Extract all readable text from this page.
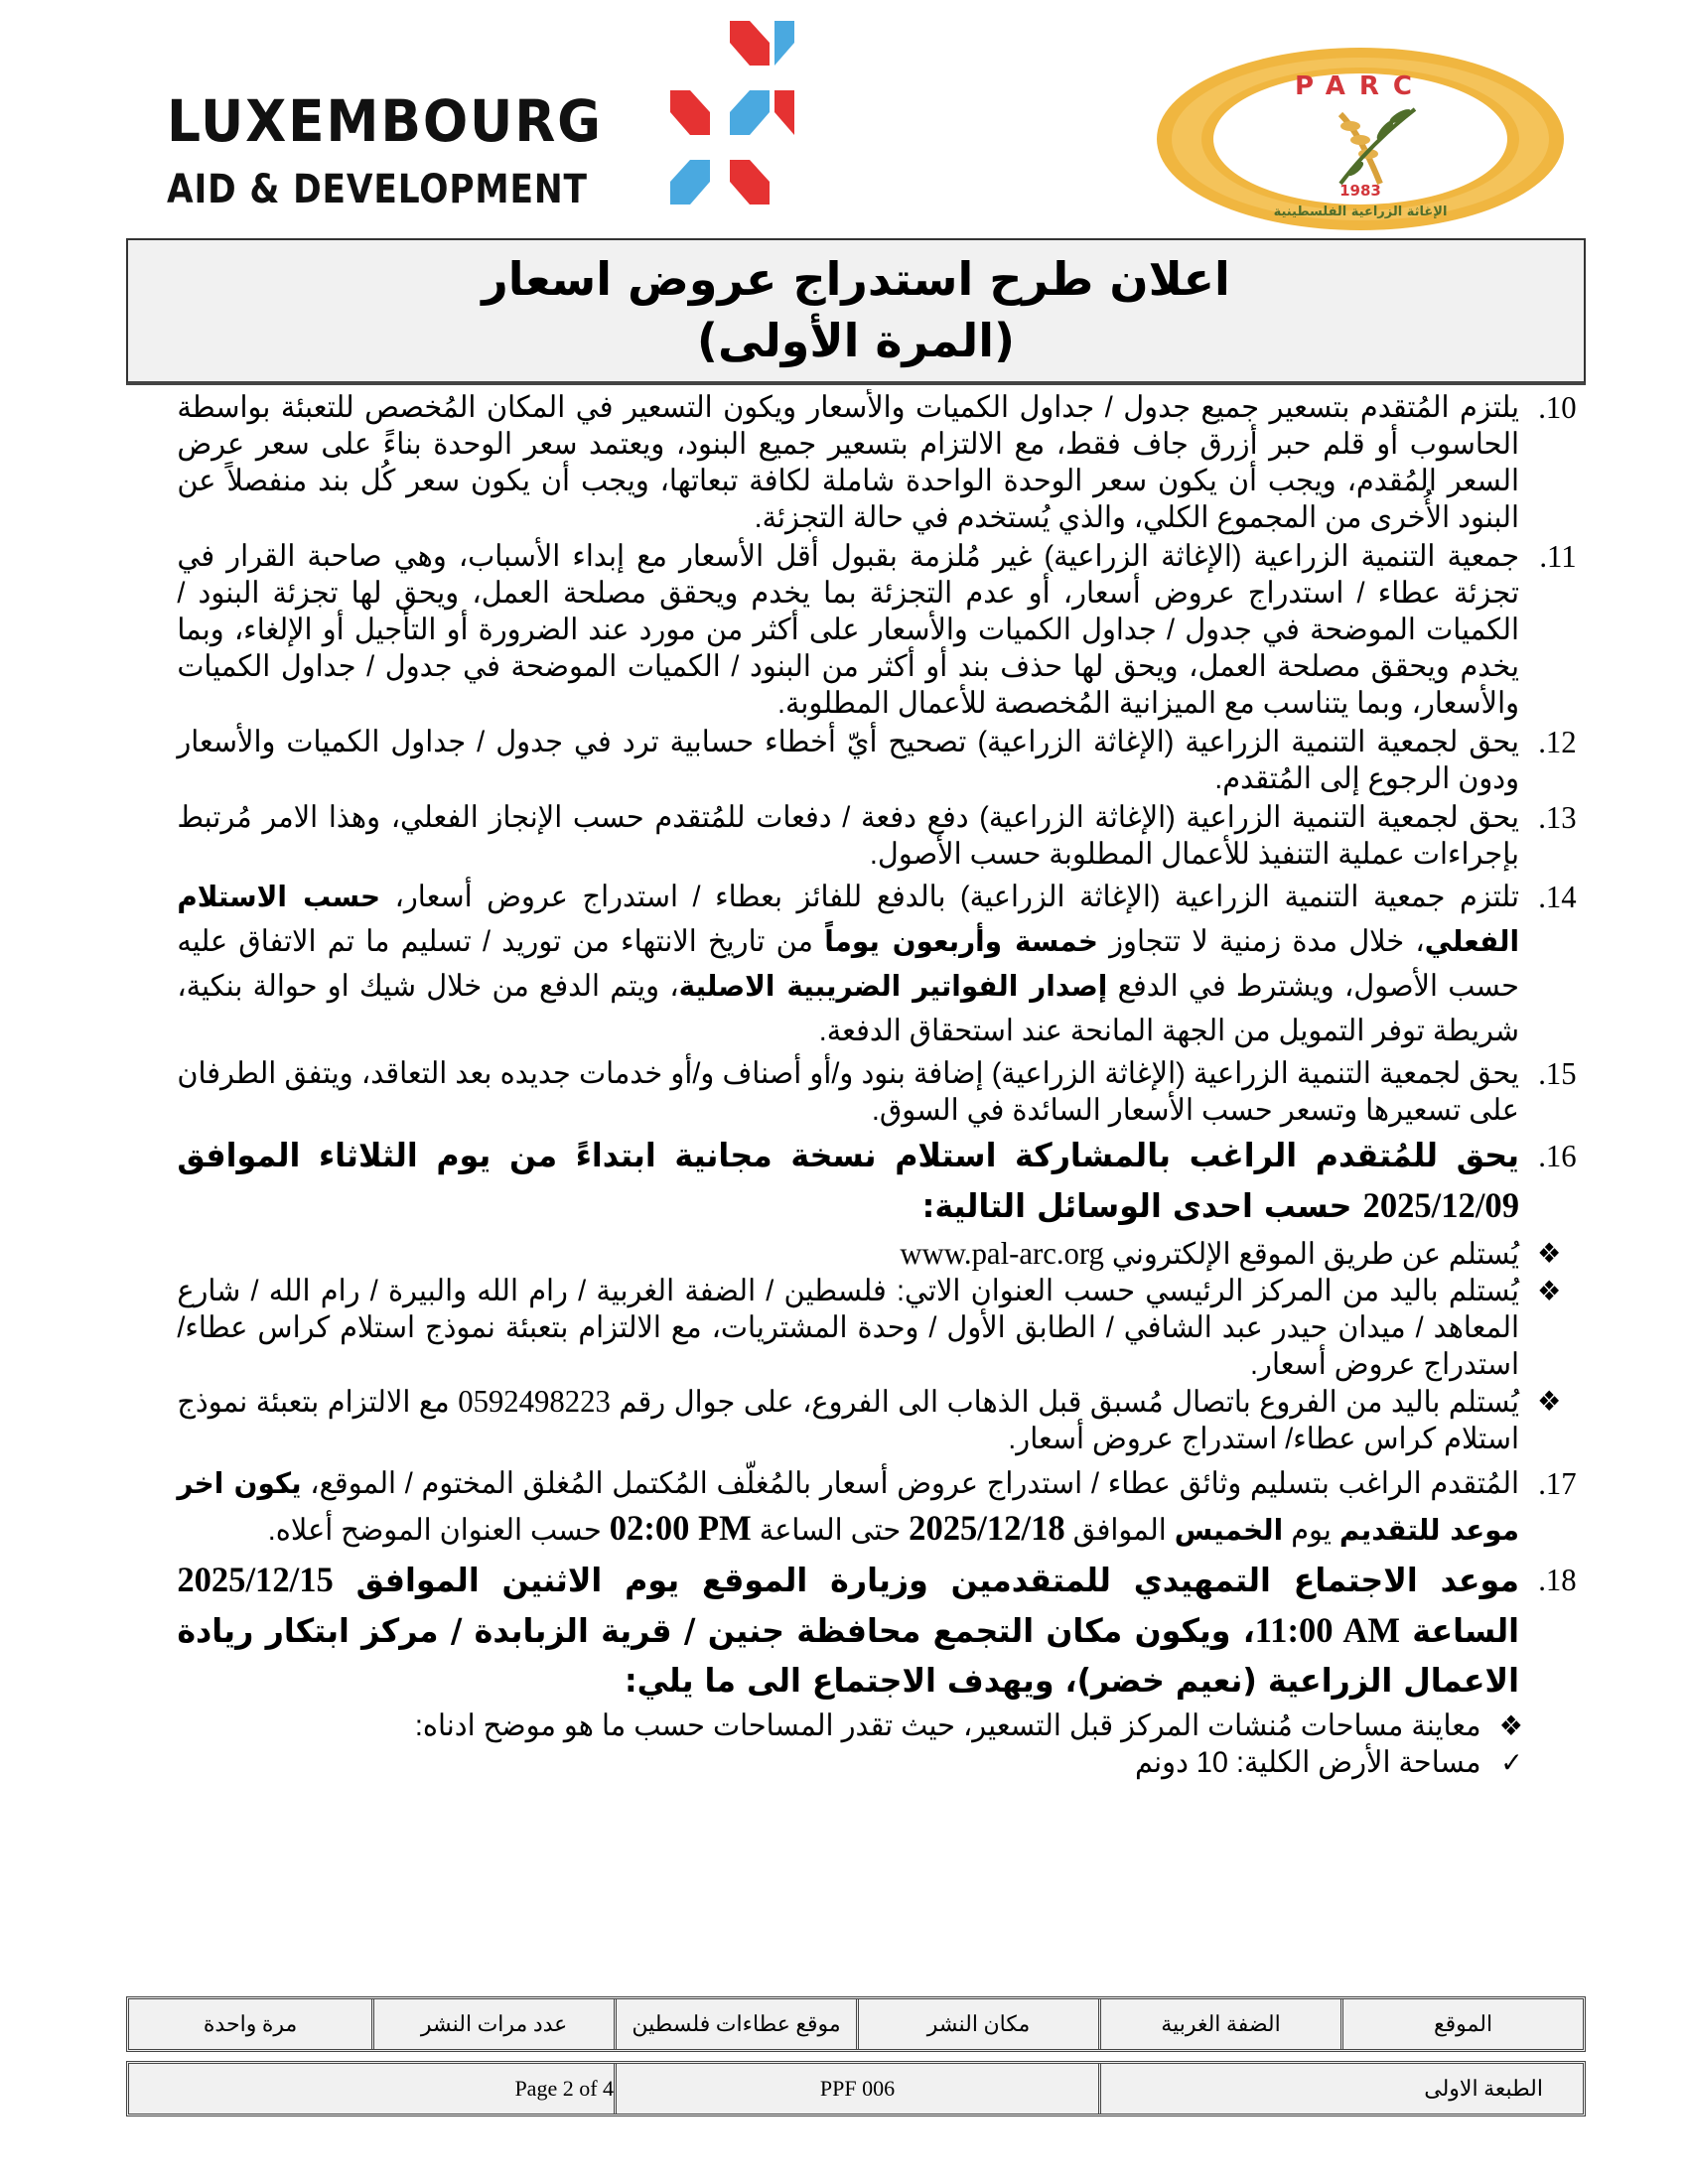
LUXEMBOURG
AID & DEVELOPMENT
PARC
1983
الإغاثة الزراعية الفلسطينية
اعلان طرح استدراج عروض اسعار
(المرة الأولى)
.10

يلتزم المُتقدم بتسعير جميع جدول / جداول الكميات والأسعار ويكون التسعير في المكان المُخصص للتعبئة بواسطة الحاسوب أو قلم حبر أزرق جاف فقط، مع الالتزام بتسعير جميع البنود، ويعتمد سعر الوحدة بناءً على سعر عرض السعر المُقدم، ويجب أن يكون سعر الوحدة الواحدة شاملة لكافة تبعاتها، ويجب أن يكون سعر كُل بند منفصلاً عن البنود الأُخرى من المجموع الكلي، والذي يُستخدم في حالة التجزئة.

.11

جمعية التنمية الزراعية (الإغاثة الزراعية) غير مُلزمة بقبول أقل الأسعار مع إبداء الأسباب، وهي صاحبة القرار في تجزئة عطاء / استدراج عروض أسعار، أو عدم التجزئة بما يخدم ويحقق مصلحة العمل، ويحق لها تجزئة البنود / الكميات الموضحة في جدول / جداول الكميات والأسعار على أكثر من مورد عند الضرورة أو التأجيل أو الإلغاء، وبما يخدم ويحقق مصلحة العمل، ويحق لها حذف بند أو أكثر من البنود / الكميات الموضحة في جدول / جداول الكميات والأسعار، وبما يتناسب مع الميزانية المُخصصة للأعمال المطلوبة.

.12

يحق لجمعية التنمية الزراعية (الإغاثة الزراعية) تصحيح أيّ أخطاء حسابية ترد في جدول / جداول الكميات والأسعار ودون الرجوع إلى المُتقدم.

.13

يحق لجمعية التنمية الزراعية (الإغاثة الزراعية) دفع دفعة / دفعات للمُتقدم حسب الإنجاز الفعلي، وهذا الامر مُرتبط بإجراءات عملية التنفيذ للأعمال المطلوبة حسب الأصول.

.14

تلتزم جمعية التنمية الزراعية (الإغاثة الزراعية) بالدفع للفائز بعطاء / استدراج عروض أسعار، حسب الاستلام الفعلي، خلال مدة زمنية لا تتجاوز خمسة وأربعون يوماً من تاريخ الانتهاء من توريد / تسليم ما تم الاتفاق عليه حسب الأصول، ويشترط في الدفع إصدار الفواتير الضريبية الاصلية، ويتم الدفع من خلال شيك او حوالة بنكية، شريطة توفر التمويل من الجهة المانحة عند استحقاق الدفعة.

.15

يحق لجمعية التنمية الزراعية (الإغاثة الزراعية) إضافة بنود و/أو أصناف و/أو خدمات جديده بعد التعاقد، ويتفق الطرفان على تسعيرها وتسعر حسب الأسعار السائدة في السوق.

.16

يحق للمُتقدم الراغب بالمشاركة استلام نسخة مجانية ابتداءً من يوم الثلاثاء الموافق 2025/12/09 حسب احدى الوسائل التالية:

❖
يُستلم عن طريق الموقع الإلكتروني www.pal-arc.org
❖
يُستلم باليد من المركز الرئيسي حسب العنوان الاتي: فلسطين / الضفة الغربية / رام الله والبيرة / رام الله / شارع المعاهد / ميدان حيدر عبد الشافي / الطابق الأول / وحدة المشتريات، مع الالتزام بتعبئة نموذج استلام كراس عطاء/ استدراج عروض أسعار.
❖
يُستلم باليد من الفروع باتصال مُسبق قبل الذهاب الى الفروع، على جوال رقم 0592498223 مع الالتزام بتعبئة نموذج استلام كراس عطاء/ استدراج عروض أسعار.
.17

المُتقدم الراغب بتسليم وثائق عطاء / استدراج عروض أسعار بالمُغلّف المُكتمل المُغلق المختوم / الموقع، يكون اخر موعد للتقديم يوم الخميس الموافق 2025/12/18 حتى الساعة 02:00 PM حسب العنوان الموضح أعلاه.

.18

موعد الاجتماع التمهيدي للمتقدمين وزيارة الموقع يوم الاثنين الموافق 2025/12/15 الساعة 11:00 AM، ويكون مكان التجمع محافظة جنين / قرية الزبابدة / مركز ابتكار ريادة الاعمال الزراعية (نعيم خضر)، ويهدف الاجتماع الى ما يلي:

❖
معاينة مساحات مُنشات المركز قبل التسعير، حيث تقدر المساحات حسب ما هو موضح ادناه:
✓
مساحة الأرض الكلية: 10 دونم
الموقع
الضفة الغربية
مكان النشر
موقع عطاءات فلسطين
عدد مرات النشر
مرة واحدة
الطبعة الاولى
PPF 006
Page 2 of 4
